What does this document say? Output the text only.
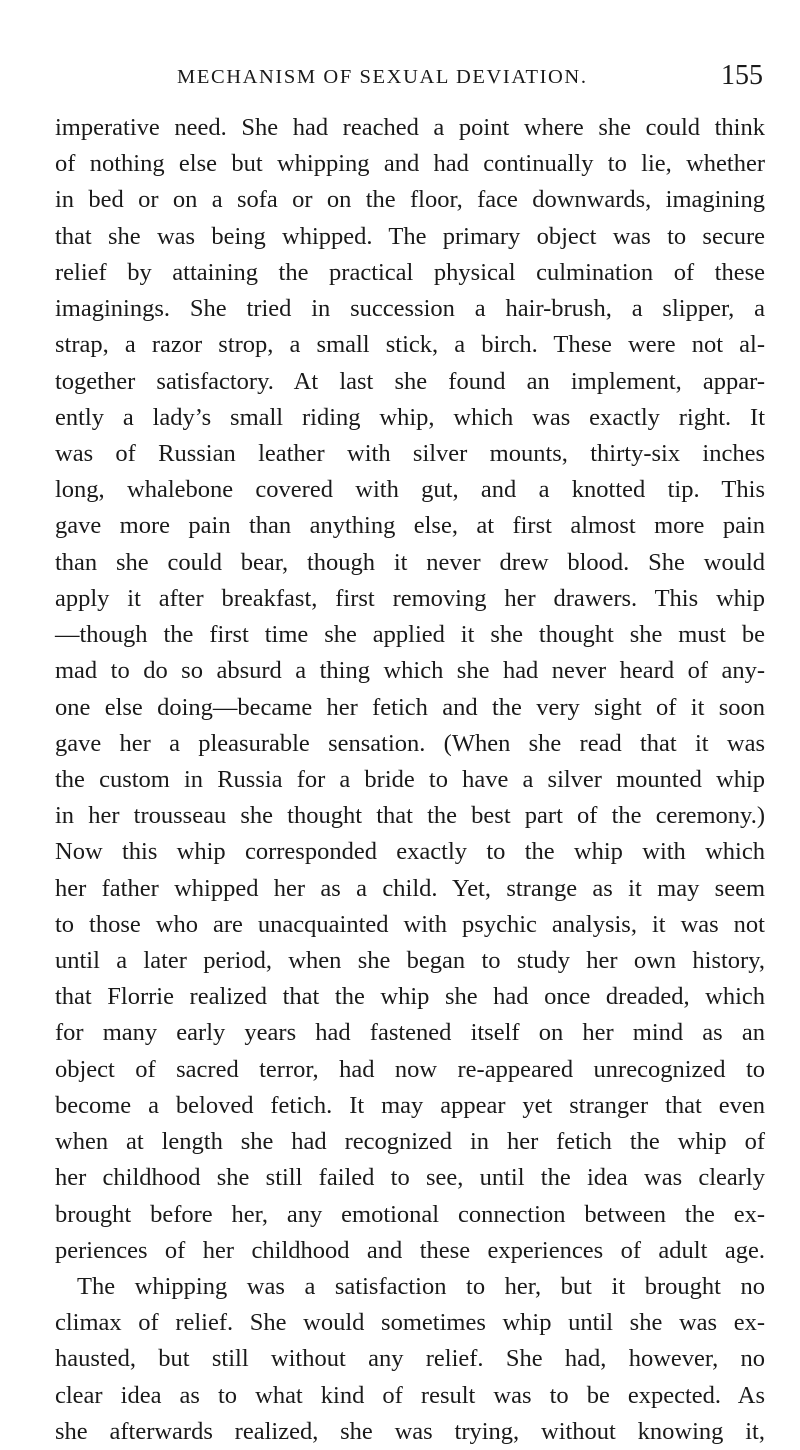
MECHANISM OF SEXUAL DEVIATION.	155
imperative need. She had reached a point where she could think
of nothing else but whipping and had continually to lie, whether
in bed or on a sofa or on the floor, face downwards, imagining
that she was being whipped. The primary object was to secure
relief by attaining the practical physical culmination of these
imaginings. She tried in succession a hair-brush, a slipper, a
strap, a razor strop, a small stick, a birch. These were not al-
together satisfactory. At last she found an implement, appar-
ently a lady’s small riding whip, which was exactly right. It
was of Russian leather with silver mounts, thirty-six inches
long, whalebone covered with gut, and a knotted tip. This
gave more pain than anything else, at first almost more pain
than she could bear, though it never drew blood. She would
apply it after breakfast, first removing her drawers. This whip
—though the first time she applied it she thought she must be
mad to do so absurd a thing which she had never heard of any-
one else doing—became her fetich and the very sight of it soon
gave her a pleasurable sensation. (When she read that it was
the custom in Russia for a bride to have a silver mounted whip
in her trousseau she thought that the best part of the ceremony.)
Now this whip corresponded exactly to the whip with which
her father whipped her as a child. Yet, strange as it may seem
to those who are unacquainted with psychic analysis, it was not
until a later period, when she began to study her own history,
that Florrie realized that the whip she had once dreaded, which
for many early years had fastened itself on her mind as an
object of sacred terror, had now re-appeared unrecognized to
become a beloved fetich. It may appear yet stranger that even
when at length she had recognized in her fetich the whip of
her childhood she still failed to see, until the idea was clearly
brought before her, any emotional connection between the ex-
periences of her childhood and these experiences of adult age.
The whipping was a satisfaction to her, but it brought no
climax of relief. She would sometimes whip until she was ex-
hausted, but still without any relief. She had, however, no
clear idea as to what kind of result was to be expected. As
she afterwards realized, she was trying, without knowing it,
